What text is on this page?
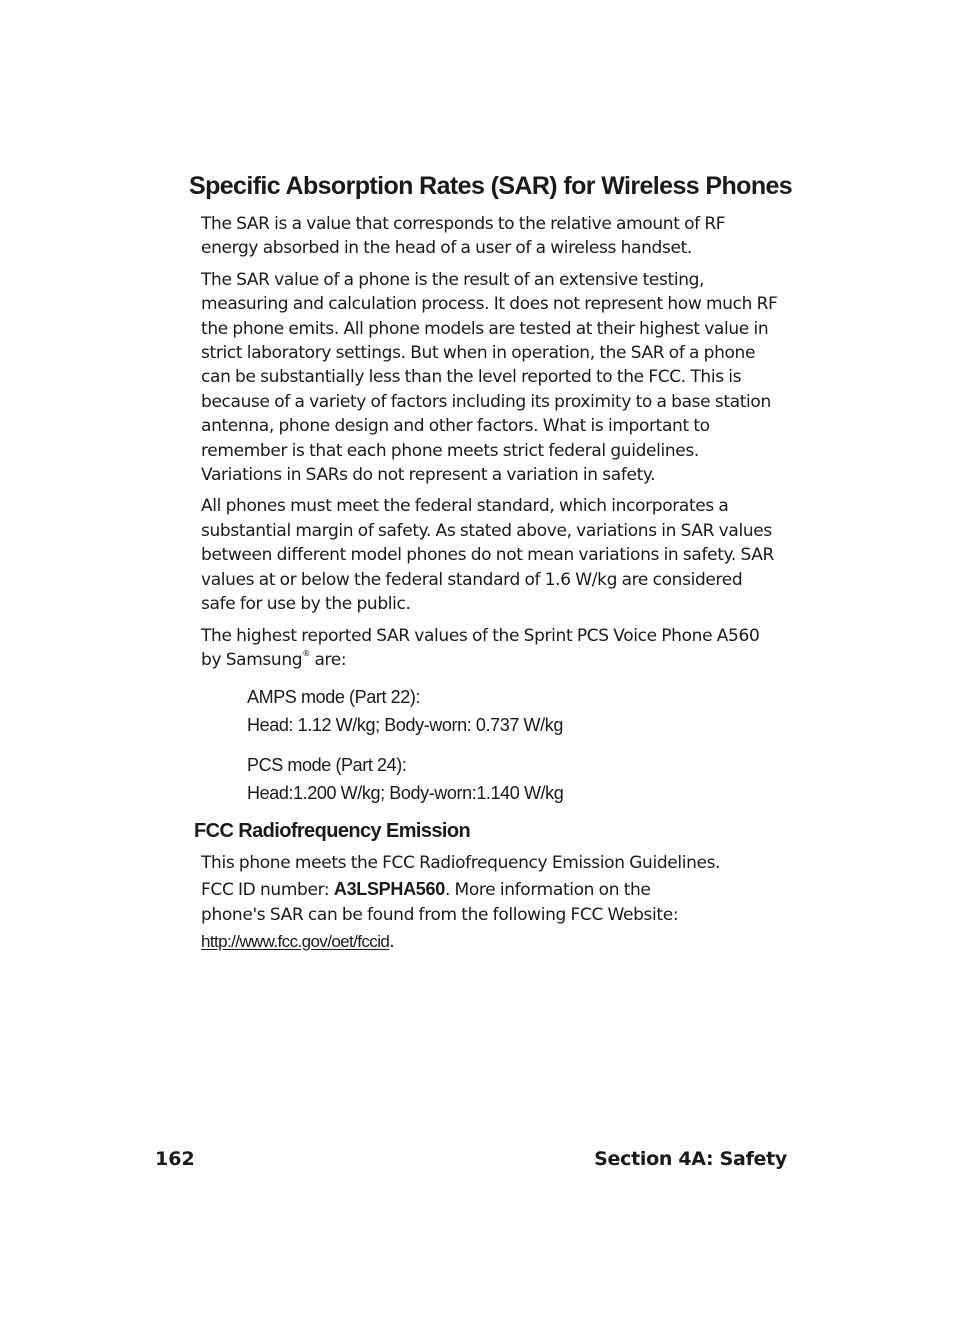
Specific Absorption Rates (SAR) for Wireless Phones

The SAR is a value that corresponds to the relative amount of RF energy absorbed in the head of a user of a wireless handset.

The SAR value of a phone is the result of an extensive testing, measuring and calculation process. It does not represent how much RF the phone emits. All phone models are tested at their highest value in strict laboratory settings. But when in operation, the SAR of a phone can be substantially less than the level reported to the FCC. This is because of a variety of factors including its proximity to a base station antenna, phone design and other factors. What is important to remember is that each phone meets strict federal guidelines. Variations in SARs do not represent a variation in safety.

All phones must meet the federal standard, which incorporates a substantial margin of safety. As stated above, variations in SAR values between different model phones do not mean variations in safety. SAR values at or below the federal standard of 1.6 W/kg are considered safe for use by the public.

The highest reported SAR values of the Sprint PCS Voice Phone A560 by Samsung® are:

AMPS mode (Part 22):
Head: 1.12 W/kg; Body-worn: 0.737 W/kg
PCS mode (Part 24):
Head:1.200 W/kg; Body-worn:1.140 W/kg
FCC Radiofrequency Emission
This phone meets the FCC Radiofrequency Emission Guidelines.
FCC ID number: A3LSPHA560. More information on the
phone's SAR can be found from the following FCC Website:
http://www.fcc.gov/oet/fccid.
162	Section 4A: Safety
